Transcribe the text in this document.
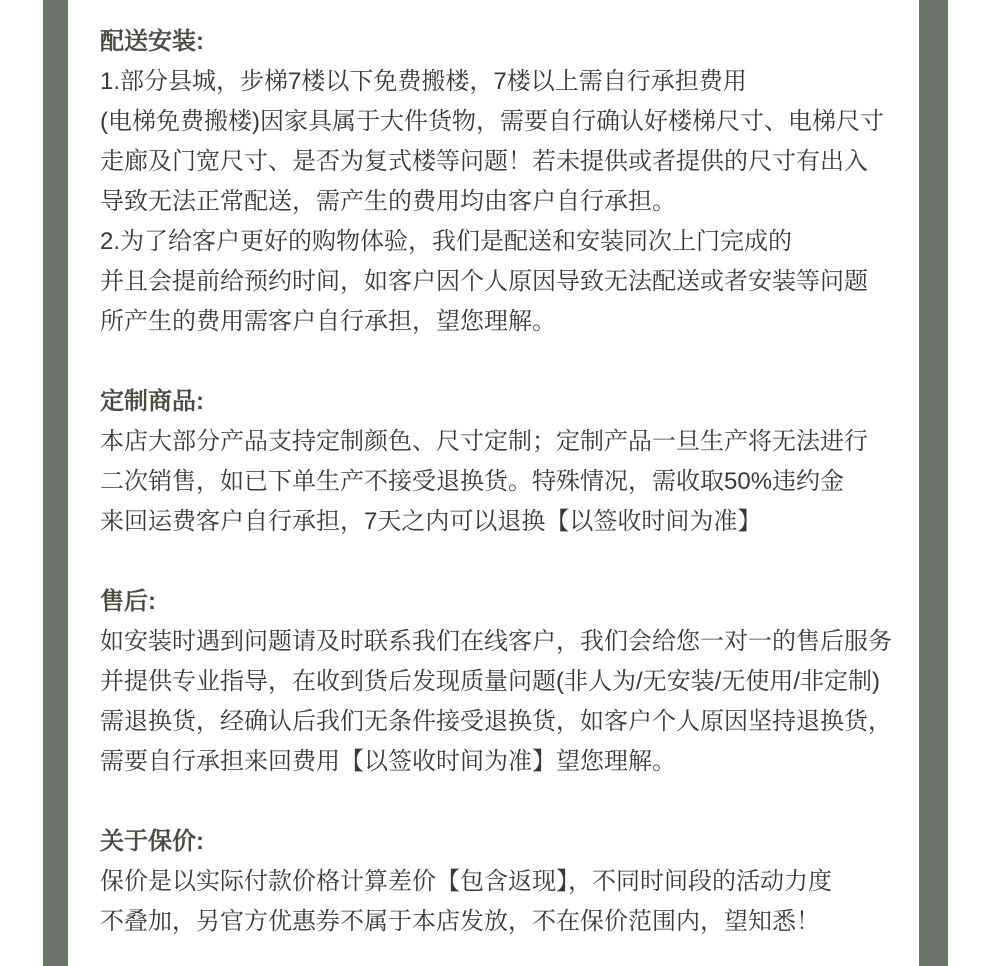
配送安装:

1.部分县城，步梯7楼以下免费搬楼，7楼以上需自行承担费用

(电梯免费搬楼)因家具属于大件货物，需要自行确认好楼梯尺寸、电梯尺寸

走廊及门宽尺寸、是否为复式楼等问题！若未提供或者提供的尺寸有出入

导致无法正常配送，需产生的费用均由客户自行承担。

2.为了给客户更好的购物体验，我们是配送和安装同次上门完成的

并且会提前给预约时间，如客户因个人原因导致无法配送或者安装等问题

所产生的费用需客户自行承担，望您理解。

定制商品:

本店大部分产品支持定制颜色、尺寸定制；定制产品一旦生产将无法进行

二次销售，如已下单生产不接受退换货。特殊情况，需收取50%违约金

来回运费客户自行承担，7天之内可以退换【以签收时间为准】

售后:

如安装时遇到问题请及时联系我们在线客户，我们会给您一对一的售后服务

并提供专业指导，在收到货后发现质量问题(非人为/无安装/无使用/非定制)

需退换货，经确认后我们无条件接受退换货，如客户个人原因坚持退换货，

需要自行承担来回费用【以签收时间为准】望您理解。

关于保价:

保价是以实际付款价格计算差价【包含返现】，不同时间段的活动力度

不叠加，另官方优惠券不属于本店发放，不在保价范围内，望知悉！
